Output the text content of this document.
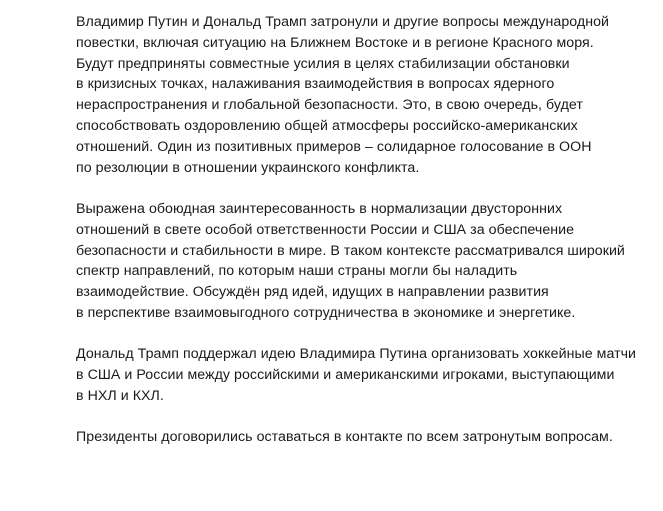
Владимир Путин и Дональд Трамп затронули и другие вопросы международной
повестки, включая ситуацию на Ближнем Востоке и в регионе Красного моря.
Будут предприняты совместные усилия в целях стабилизации обстановки
в кризисных точках, налаживания взаимодействия в вопросах ядерного
нераспространения и глобальной безопасности. Это, в свою очередь, будет
способствовать оздоровлению общей атмосферы российско-американских
отношений. Один из позитивных примеров – солидарное голосование в ООН
по резолюции в отношении украинского конфликта.

Выражена обоюдная заинтересованность в нормализации двусторонних
отношений в свете особой ответственности России и США за обеспечение
безопасности и стабильности в мире. В таком контексте рассматривался широкий
спектр направлений, по которым наши страны могли бы наладить
взаимодействие. Обсуждён ряд идей, идущих в направлении развития
в перспективе взаимовыгодного сотрудничества в экономике и энергетике.

Дональд Трамп поддержал идею Владимира Путина организовать хоккейные матчи
в США и России между российскими и американскими игроками, выступающими
в НХЛ и КХЛ.

Президенты договорились оставаться в контакте по всем затронутым вопросам.
